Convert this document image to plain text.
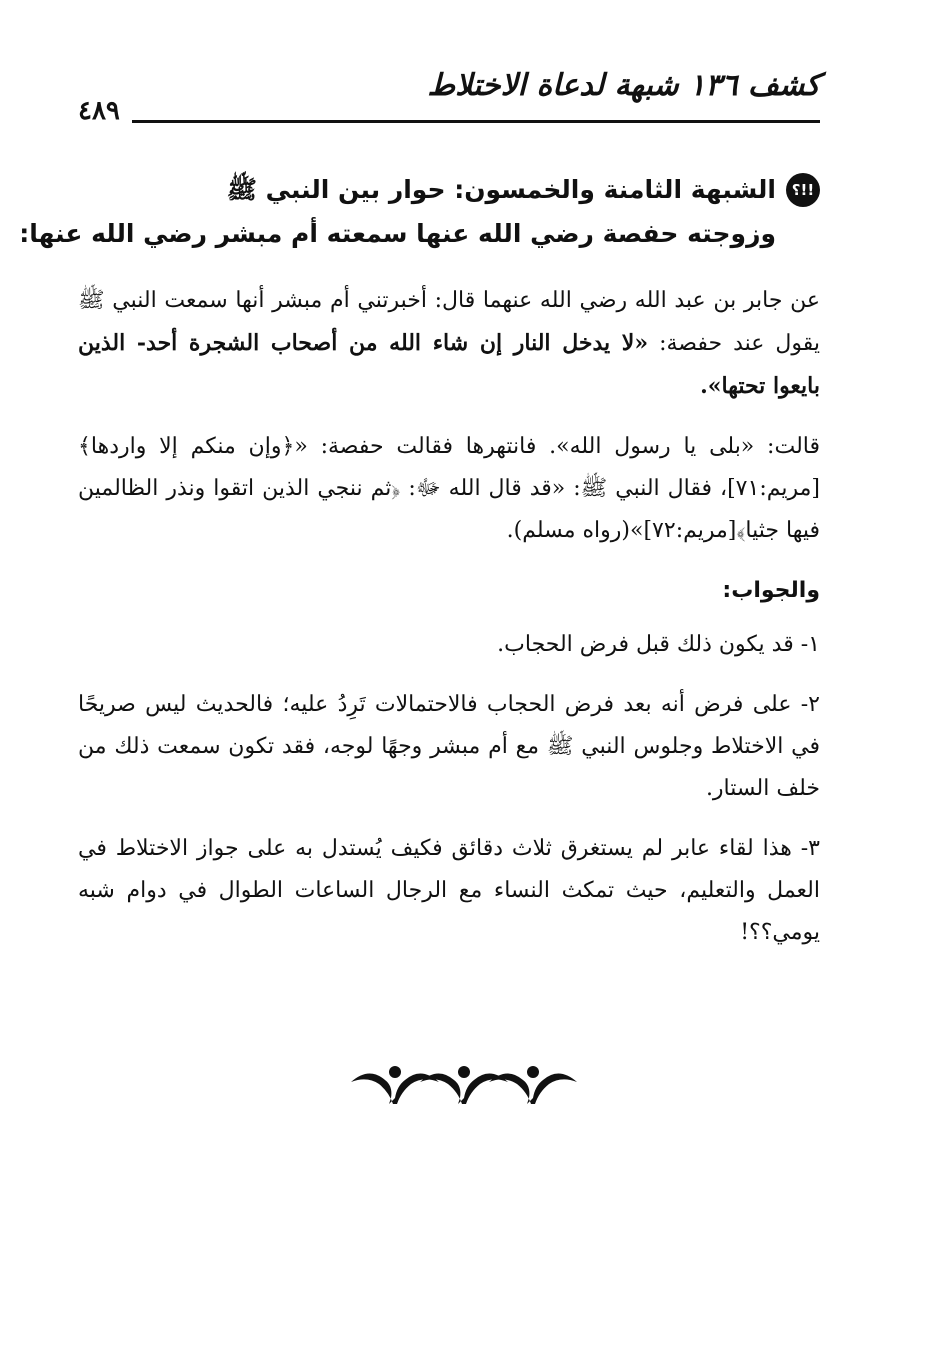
كشف ١٣٦ شبهة لدعاة الاختلاط
٤٨٩
!!؟
الشبهة الثامنة والخمسون: حوار بين النبي ﷺ
وزوجته حفصة رضي الله عنها سمعته أم مبشر رضي الله عنها:

عن جابر بن عبد الله رضي الله عنهما قال: أخبرتني أم مبشر أنها سمعت النبي ﷺ يقول عند حفصة: «لا يدخل النار إن شاء الله من أصحاب الشجرة أحد- الذين بايعوا تحتها».

قالت: «بلى يا رسول الله». فانتهرها فقالت حفصة: «﴿وإن منكم إلا واردها﴾[مريم:٧١]، فقال النبي ﷺ: «قد قال الله ﷻ: ﴿ثم ننجي الذين اتقوا ونذر الظالمين فيها جثيا﴾[مريم:٧٢]»(رواه مسلم).

والجواب:

١- قد يكون ذلك قبل فرض الحجاب.

٢- على فرض أنه بعد فرض الحجاب فالاحتمالات تَرِدُ عليه؛ فالحديث ليس صريحًا في الاختلاط وجلوس النبي ﷺ مع أم مبشر وجهًا لوجه، فقد تكون سمعت ذلك من خلف الستار.

٣- هذا لقاء عابر لم يستغرق ثلاث دقائق فكيف يُستدل به على جواز الاختلاط في العمل والتعليم، حيث تمكث النساء مع الرجال الساعات الطوال في دوام شبه يومي؟؟!
